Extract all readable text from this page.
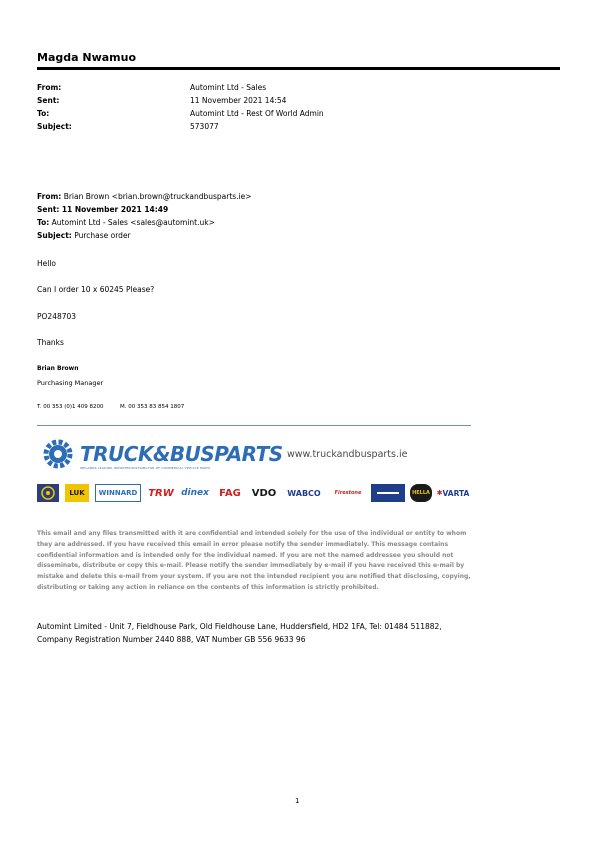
Magda Nwamuo
From:	Automint Ltd - Sales
Sent:	11 November 2021 14:54
To:	Automint Ltd - Rest Of World Admin
Subject:	573077
From: Brian Brown <brian.brown@truckandbusparts.ie>
Sent: 11 November 2021 14:49
To: Automint Ltd - Sales <sales@automint.uk>
Subject: Purchase order
Hello
Can I order 10 x 60245 Please?
PO248703
Thanks
Brian Brown
Purchasing Manager
T. 00 353 (0)1 409 8200	M. 00 353 83 854 1807
TRUCK&BUSPARTS
IRELANDS LEADING IMPORTER/DISTRIBUTOR OF COMMERCIAL VEHICLE PARTS
www.truckandbusparts.ie
LUK	WINNARD	TRW dinex FAG	VDO	WABCO	Firestone	HELLA ✱ VARTA
This email and any files transmitted with it are confidential and intended solely for the use of the individual or entity to whom they are addressed. If you have received this email in error please notify the sender immediately. This message contains confidential information and is intended only for the individual named. If you are not the named addressee you should not disseminate, distribute or copy this e-mail. Please notify the sender immediately by e-mail if you have received this e-mail by mistake and delete this e-mail from your system. If you are not the intended recipient you are notified that disclosing, copying, distributing or taking any action in reliance on the contents of this information is strictly prohibited.
Automint Limited - Unit 7, Fieldhouse Park, Old Fieldhouse Lane, Huddersfield, HD2 1FA, Tel: 01484 511882,
Company Registration Number 2440 888, VAT Number GB 556 9633 96
1
